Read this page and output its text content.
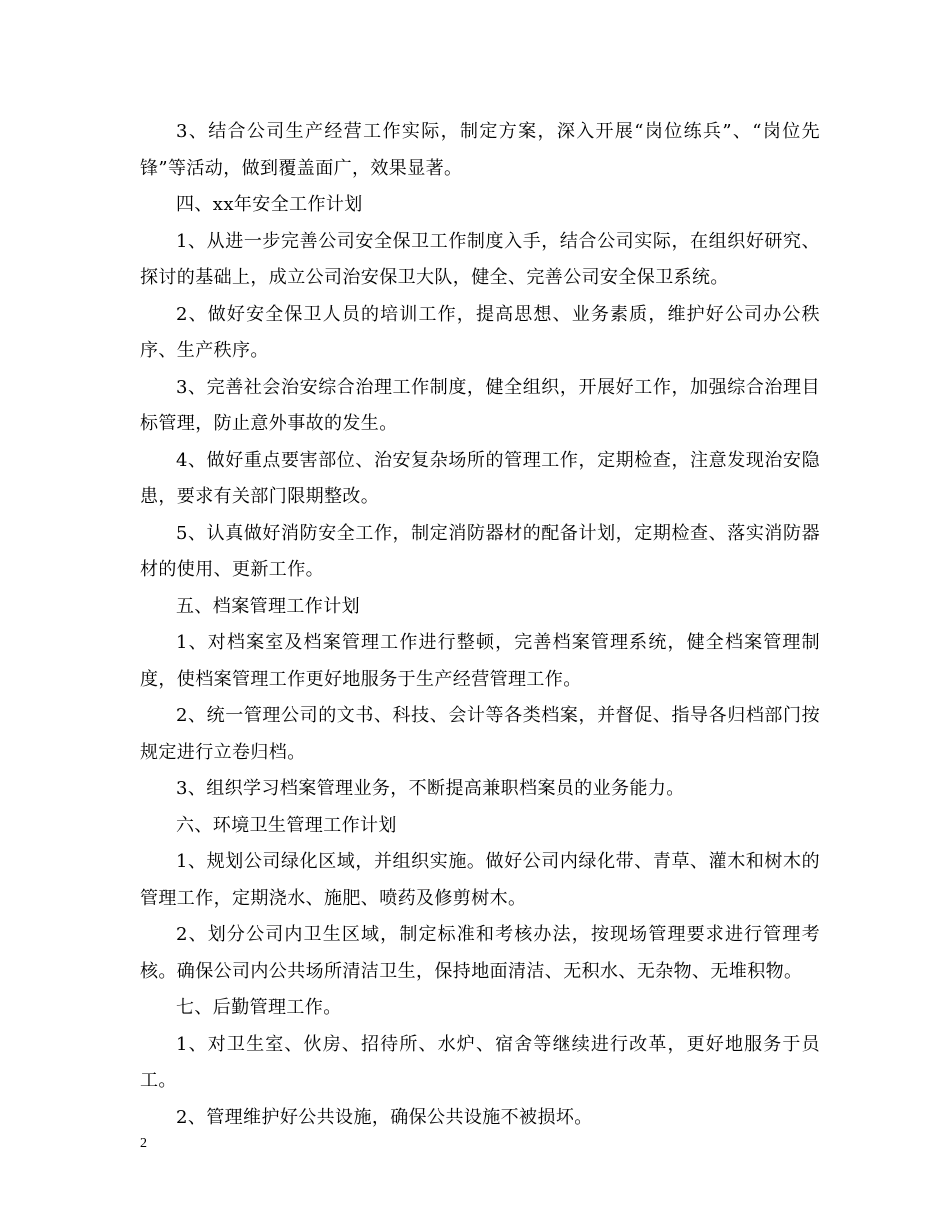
3、结合公司生产经营工作实际，制定方案，深入开展“岗位练兵”、“岗位先锋”等活动，做到覆盖面广，效果显著。

四、xx年安全工作计划

1、从进一步完善公司安全保卫工作制度入手，结合公司实际，在组织好研究、探讨的基础上，成立公司治安保卫大队，健全、完善公司安全保卫系统。

2、做好安全保卫人员的培训工作，提高思想、业务素质，维护好公司办公秩序、生产秩序。

3、完善社会治安综合治理工作制度，健全组织，开展好工作，加强综合治理目标管理，防止意外事故的发生。

4、做好重点要害部位、治安复杂场所的管理工作，定期检查，注意发现治安隐患，要求有关部门限期整改。

5、认真做好消防安全工作，制定消防器材的配备计划，定期检查、落实消防器材的使用、更新工作。

五、档案管理工作计划

1、对档案室及档案管理工作进行整顿，完善档案管理系统，健全档案管理制度，使档案管理工作更好地服务于生产经营管理工作。

2、统一管理公司的文书、科技、会计等各类档案，并督促、指导各归档部门按规定进行立卷归档。

3、组织学习档案管理业务，不断提高兼职档案员的业务能力。

六、环境卫生管理工作计划

1、规划公司绿化区域，并组织实施。做好公司内绿化带、青草、灌木和树木的管理工作，定期浇水、施肥、喷药及修剪树木。

2、划分公司内卫生区域，制定标准和考核办法，按现场管理要求进行管理考核。确保公司内公共场所清洁卫生，保持地面清洁、无积水、无杂物、无堆积物。

七、后勤管理工作。

1、对卫生室、伙房、招待所、水炉、宿舍等继续进行改革，更好地服务于员工。

2、管理维护好公共设施，确保公共设施不被损坏。

2
